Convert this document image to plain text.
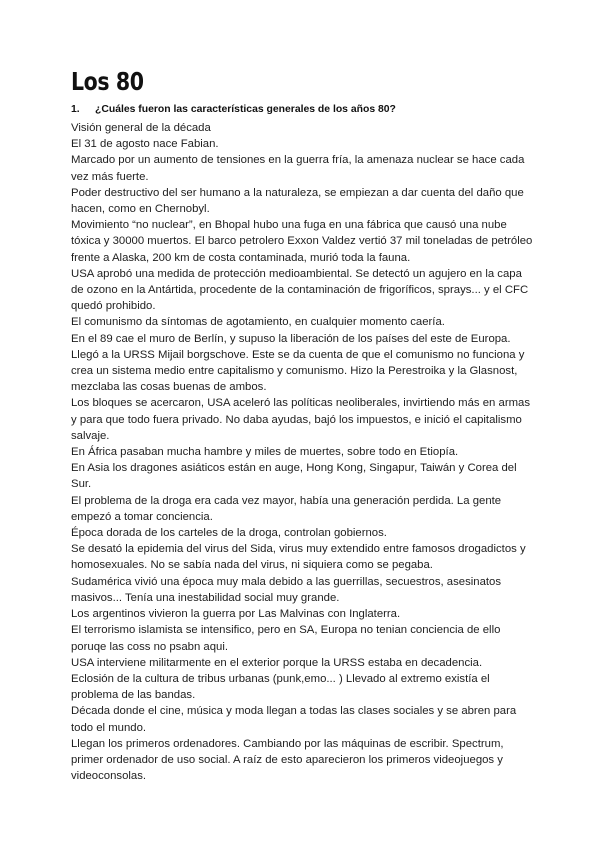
Los 80
1.	¿Cuáles fueron las características generales de los años 80?

Visión general de la década

El 31 de agosto nace Fabian.

Marcado por un aumento de tensiones en la guerra fría, la amenaza nuclear se hace cada vez más fuerte.

Poder destructivo del ser humano a la naturaleza, se empiezan a dar cuenta del daño que hacen, como en Chernobyl.

Movimiento “no nuclear”, en Bhopal hubo una fuga en una fábrica que causó una nube tóxica y 30000 muertos. El barco petrolero Exxon Valdez vertió 37 mil toneladas de petróleo frente a Alaska, 200 km de costa contaminada, murió toda la fauna.

USA aprobó una medida de protección medioambiental. Se detectó un agujero en la capa de ozono en la Antártida, procedente de la contaminación de frigoríficos, sprays... y el CFC quedó prohibido.

El comunismo da síntomas de agotamiento, en cualquier momento caería.

En el 89 cae el muro de Berlín, y supuso la liberación de los países del este de Europa.

Llegó a la URSS Mijail borgschove. Este se da cuenta de que el comunismo no funciona y crea un sistema medio entre capitalismo y comunismo. Hizo la Perestroika y la Glasnost, mezclaba las cosas buenas de ambos.

Los bloques se acercaron, USA aceleró las políticas neoliberales, invirtiendo más en armas y para que todo fuera privado. No daba ayudas, bajó los impuestos, e inició el capitalismo salvaje.

En África pasaban mucha hambre y miles de muertes, sobre todo en Etiopía.

En Asia los dragones asiáticos están en auge, Hong Kong, Singapur, Taiwán y Corea del Sur.

El problema de la droga era cada vez mayor, había una generación perdida. La gente empezó a tomar conciencia.

Época dorada de los carteles de la droga, controlan gobiernos.

Se desató la epidemia del virus del Sida, virus muy extendido entre famosos drogadictos y homosexuales. No se sabía nada del virus, ni siquiera como se pegaba.

Sudamérica vivió una época muy mala debido a las guerrillas, secuestros, asesinatos masivos... Tenía una inestabilidad social muy grande.

Los argentinos vivieron la guerra por Las Malvinas con Inglaterra.

El terrorismo islamista se intensifico, pero en SA, Europa no tenian conciencia de ello poruqe las coss no psabn aqui.

USA interviene militarmente en el exterior porque la URSS estaba en decadencia.

Eclosión de la cultura de tribus urbanas (punk,emo... ) Llevado al extremo existía el problema de las bandas.

Década donde el cine, música y moda llegan a todas las clases sociales y se abren para todo el mundo.

Llegan los primeros ordenadores. Cambiando por las máquinas de escribir. Spectrum, primer ordenador de uso social. A raíz de esto aparecieron los primeros videojuegos y videoconsolas.
